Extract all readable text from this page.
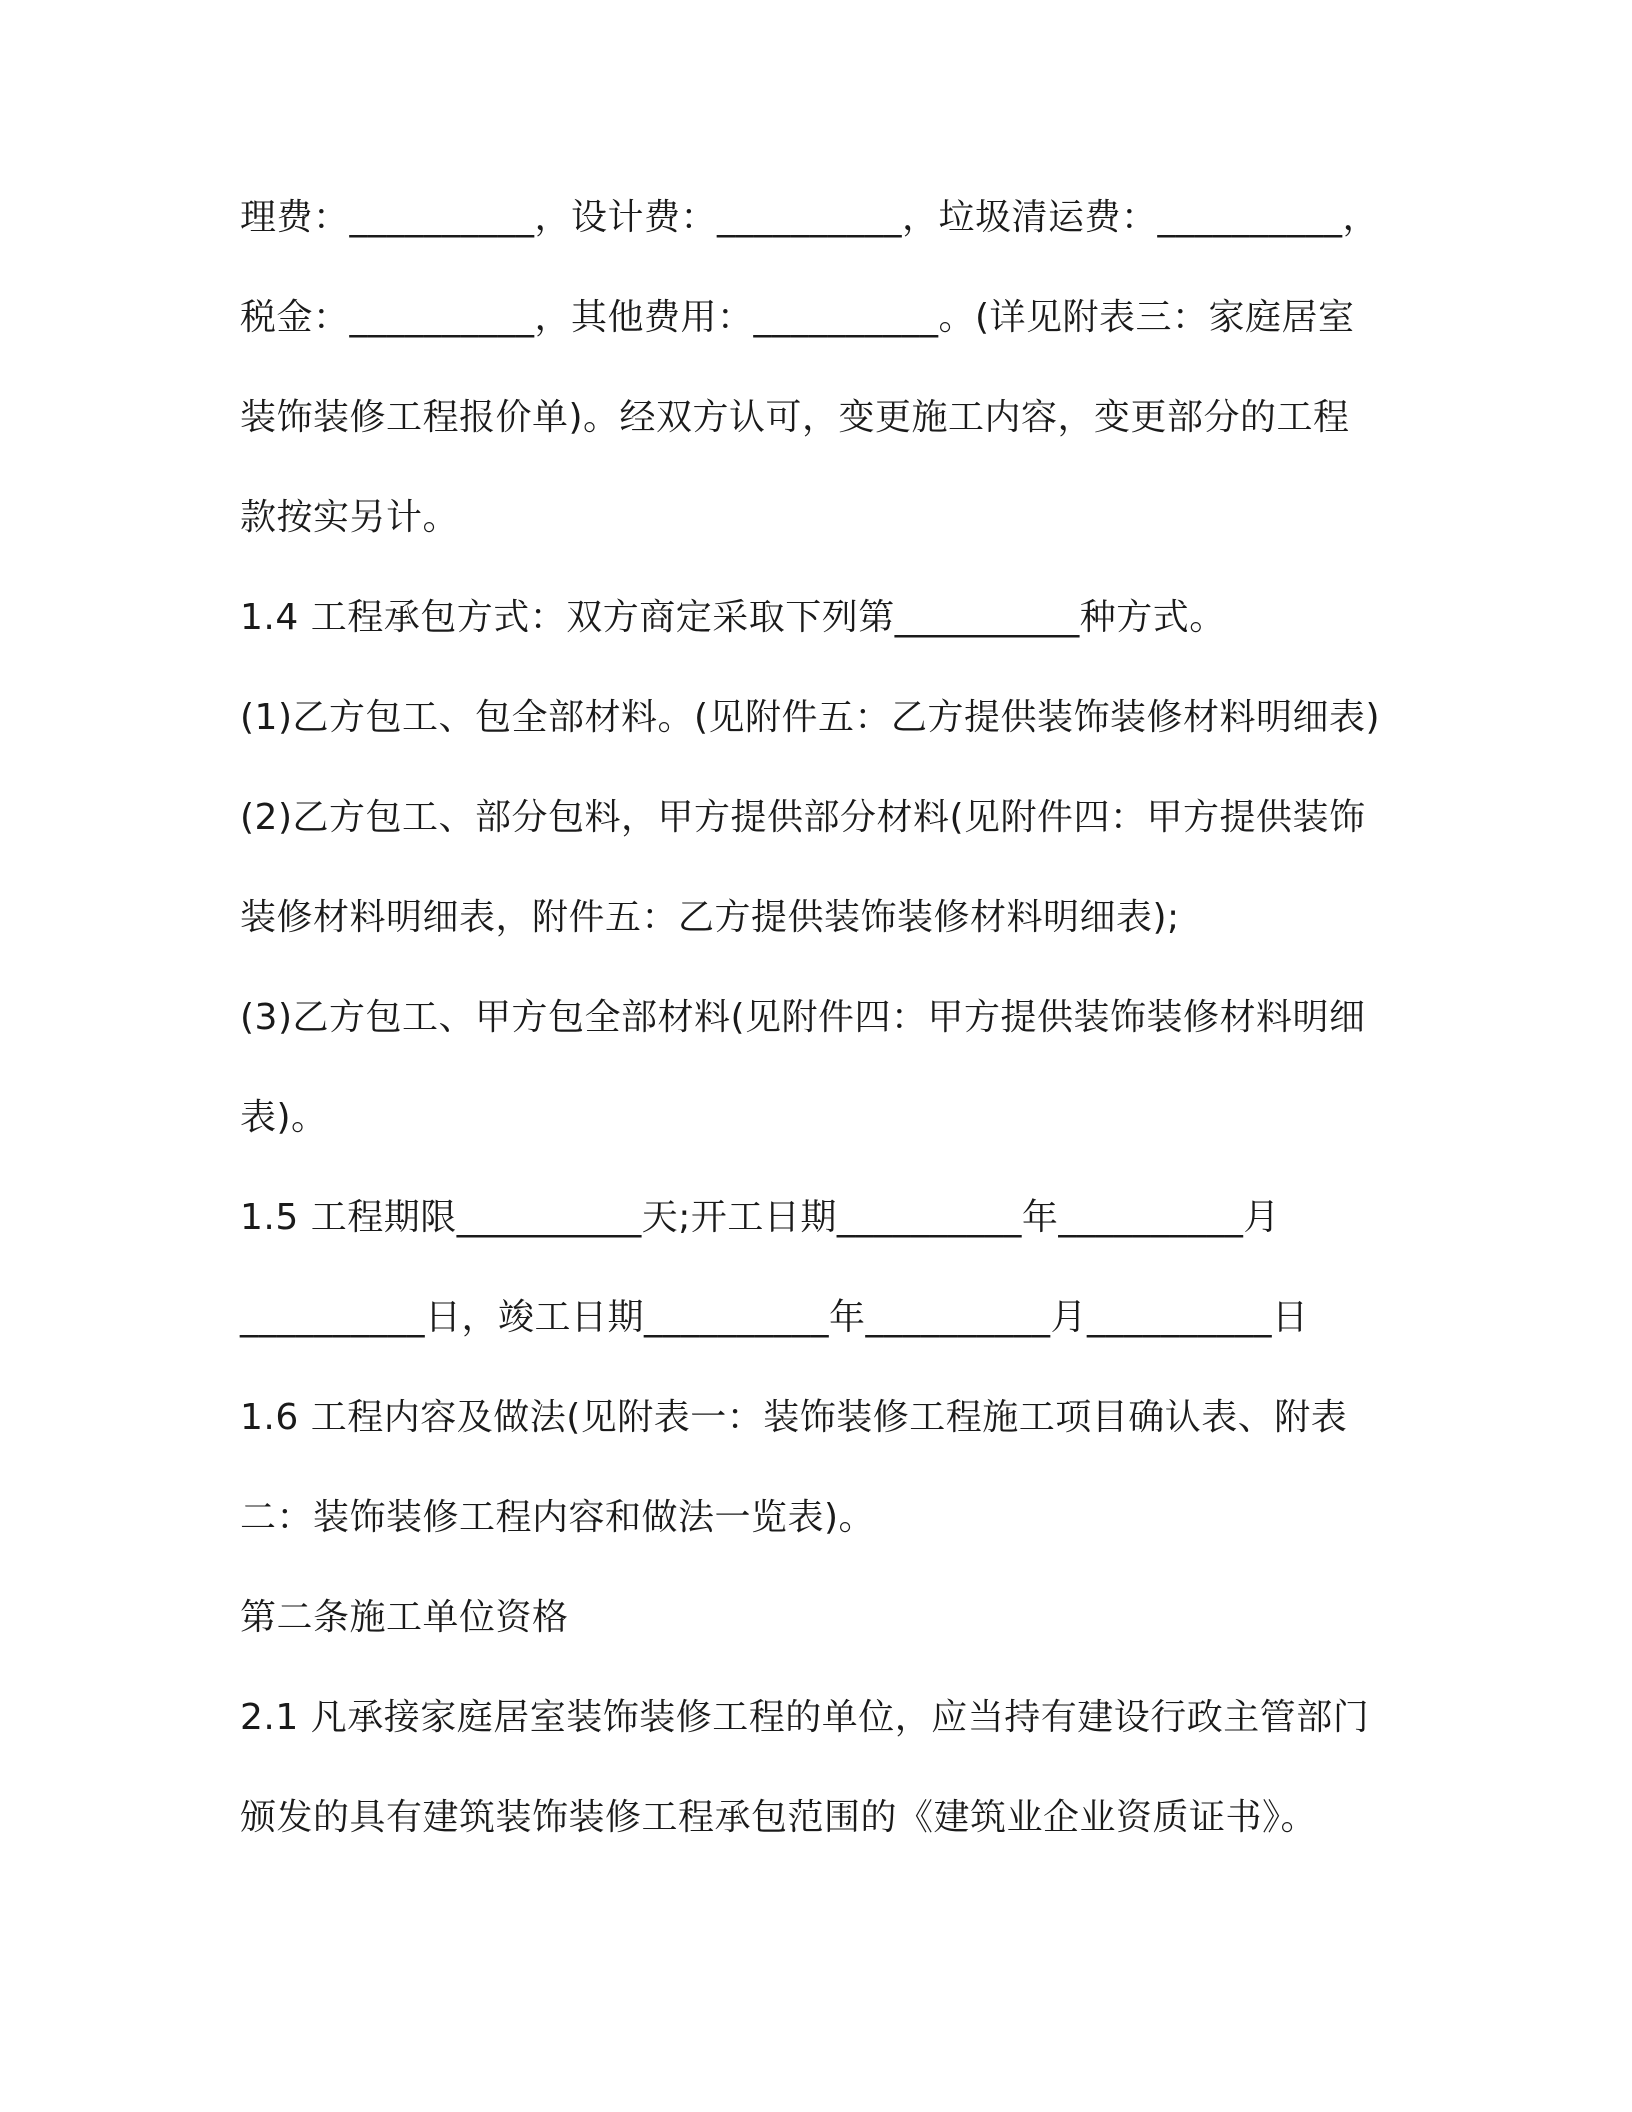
理费：__________，设计费：__________，垃圾清运费：__________，
税金：__________，其他费用：__________。(详见附表三：家庭居室
装饰装修工程报价单)。经双方认可，变更施工内容，变更部分的工程
款按实另计。
1.4 工程承包方式：双方商定采取下列第__________种方式。
(1)乙方包工、包全部材料。(见附件五：乙方提供装饰装修材料明细表)
(2)乙方包工、部分包料，甲方提供部分材料(见附件四：甲方提供装饰
装修材料明细表，附件五：乙方提供装饰装修材料明细表);
(3)乙方包工、甲方包全部材料(见附件四：甲方提供装饰装修材料明细
表)。
1.5 工程期限__________天;开工日期__________年__________月
__________日，竣工日期__________年__________月__________日
1.6 工程内容及做法(见附表一：装饰装修工程施工项目确认表、附表
二：装饰装修工程内容和做法一览表)。
第二条施工单位资格
2.1 凡承接家庭居室装饰装修工程的单位，应当持有建设行政主管部门
颁发的具有建筑装饰装修工程承包范围的《建筑业企业资质证书》。
